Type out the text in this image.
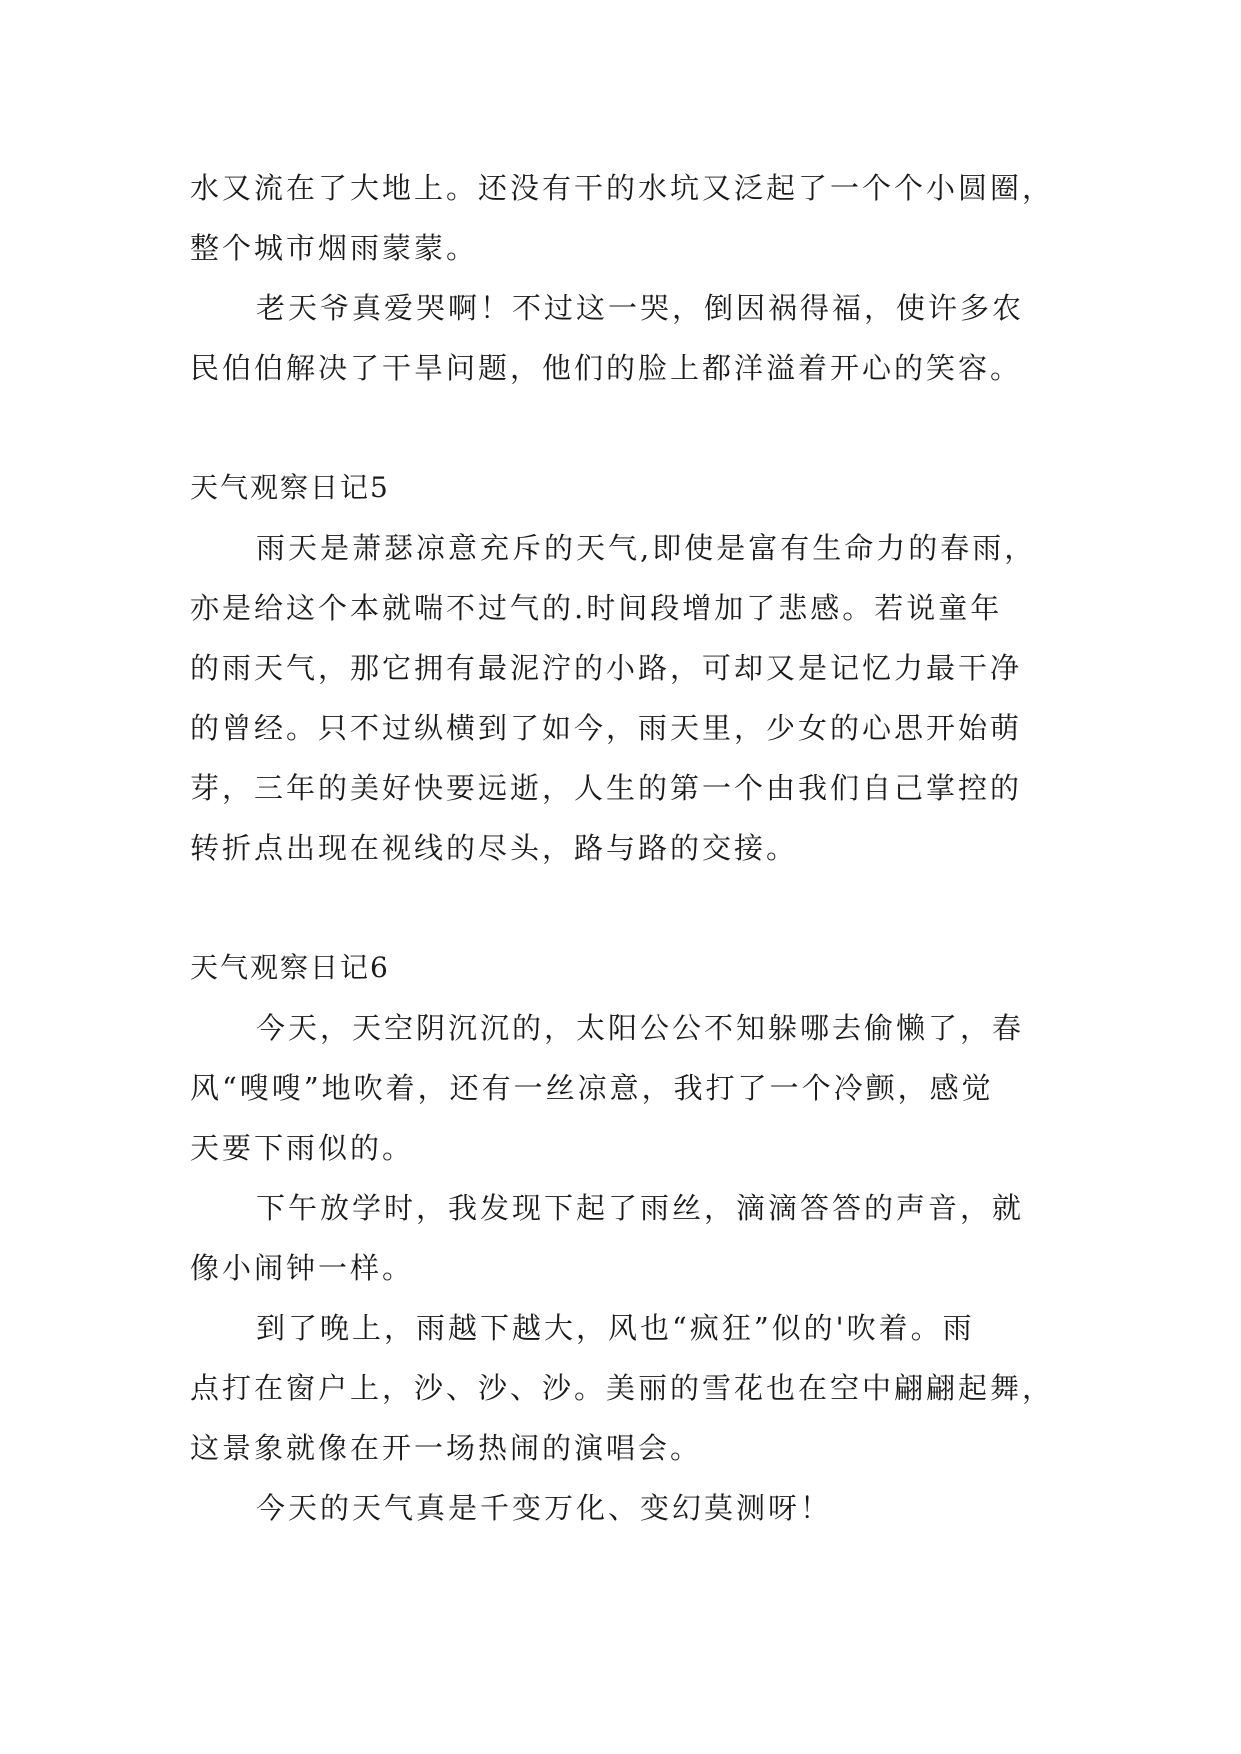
水又流在了大地上。还没有干的水坑又泛起了一个个小圆圈，
整个城市烟雨蒙蒙。
老天爷真爱哭啊！不过这一哭，倒因祸得福，使许多农
民伯伯解决了干旱问题，他们的脸上都洋溢着开心的笑容。
天气观察日记5
雨天是萧瑟凉意充斥的天气,即使是富有生命力的春雨，
亦是给这个本就喘不过气的.时间段增加了悲感。若说童年
的雨天气，那它拥有最泥泞的小路，可却又是记忆力最干净
的曾经。只不过纵横到了如今，雨天里，少女的心思开始萌
芽，三年的美好快要远逝，人生的第一个由我们自己掌控的
转折点出现在视线的尽头，路与路的交接。
天气观察日记6
今天，天空阴沉沉的，太阳公公不知躲哪去偷懒了，春
风“嗖嗖”地吹着，还有一丝凉意，我打了一个冷颤，感觉
天要下雨似的。
下午放学时，我发现下起了雨丝，滴滴答答的声音，就
像小闹钟一样。
到了晚上，雨越下越大，风也“疯狂”似的'吹着。雨
点打在窗户上，沙、沙、沙。美丽的雪花也在空中翩翩起舞，
这景象就像在开一场热闹的演唱会。
今天的天气真是千变万化、变幻莫测呀！
